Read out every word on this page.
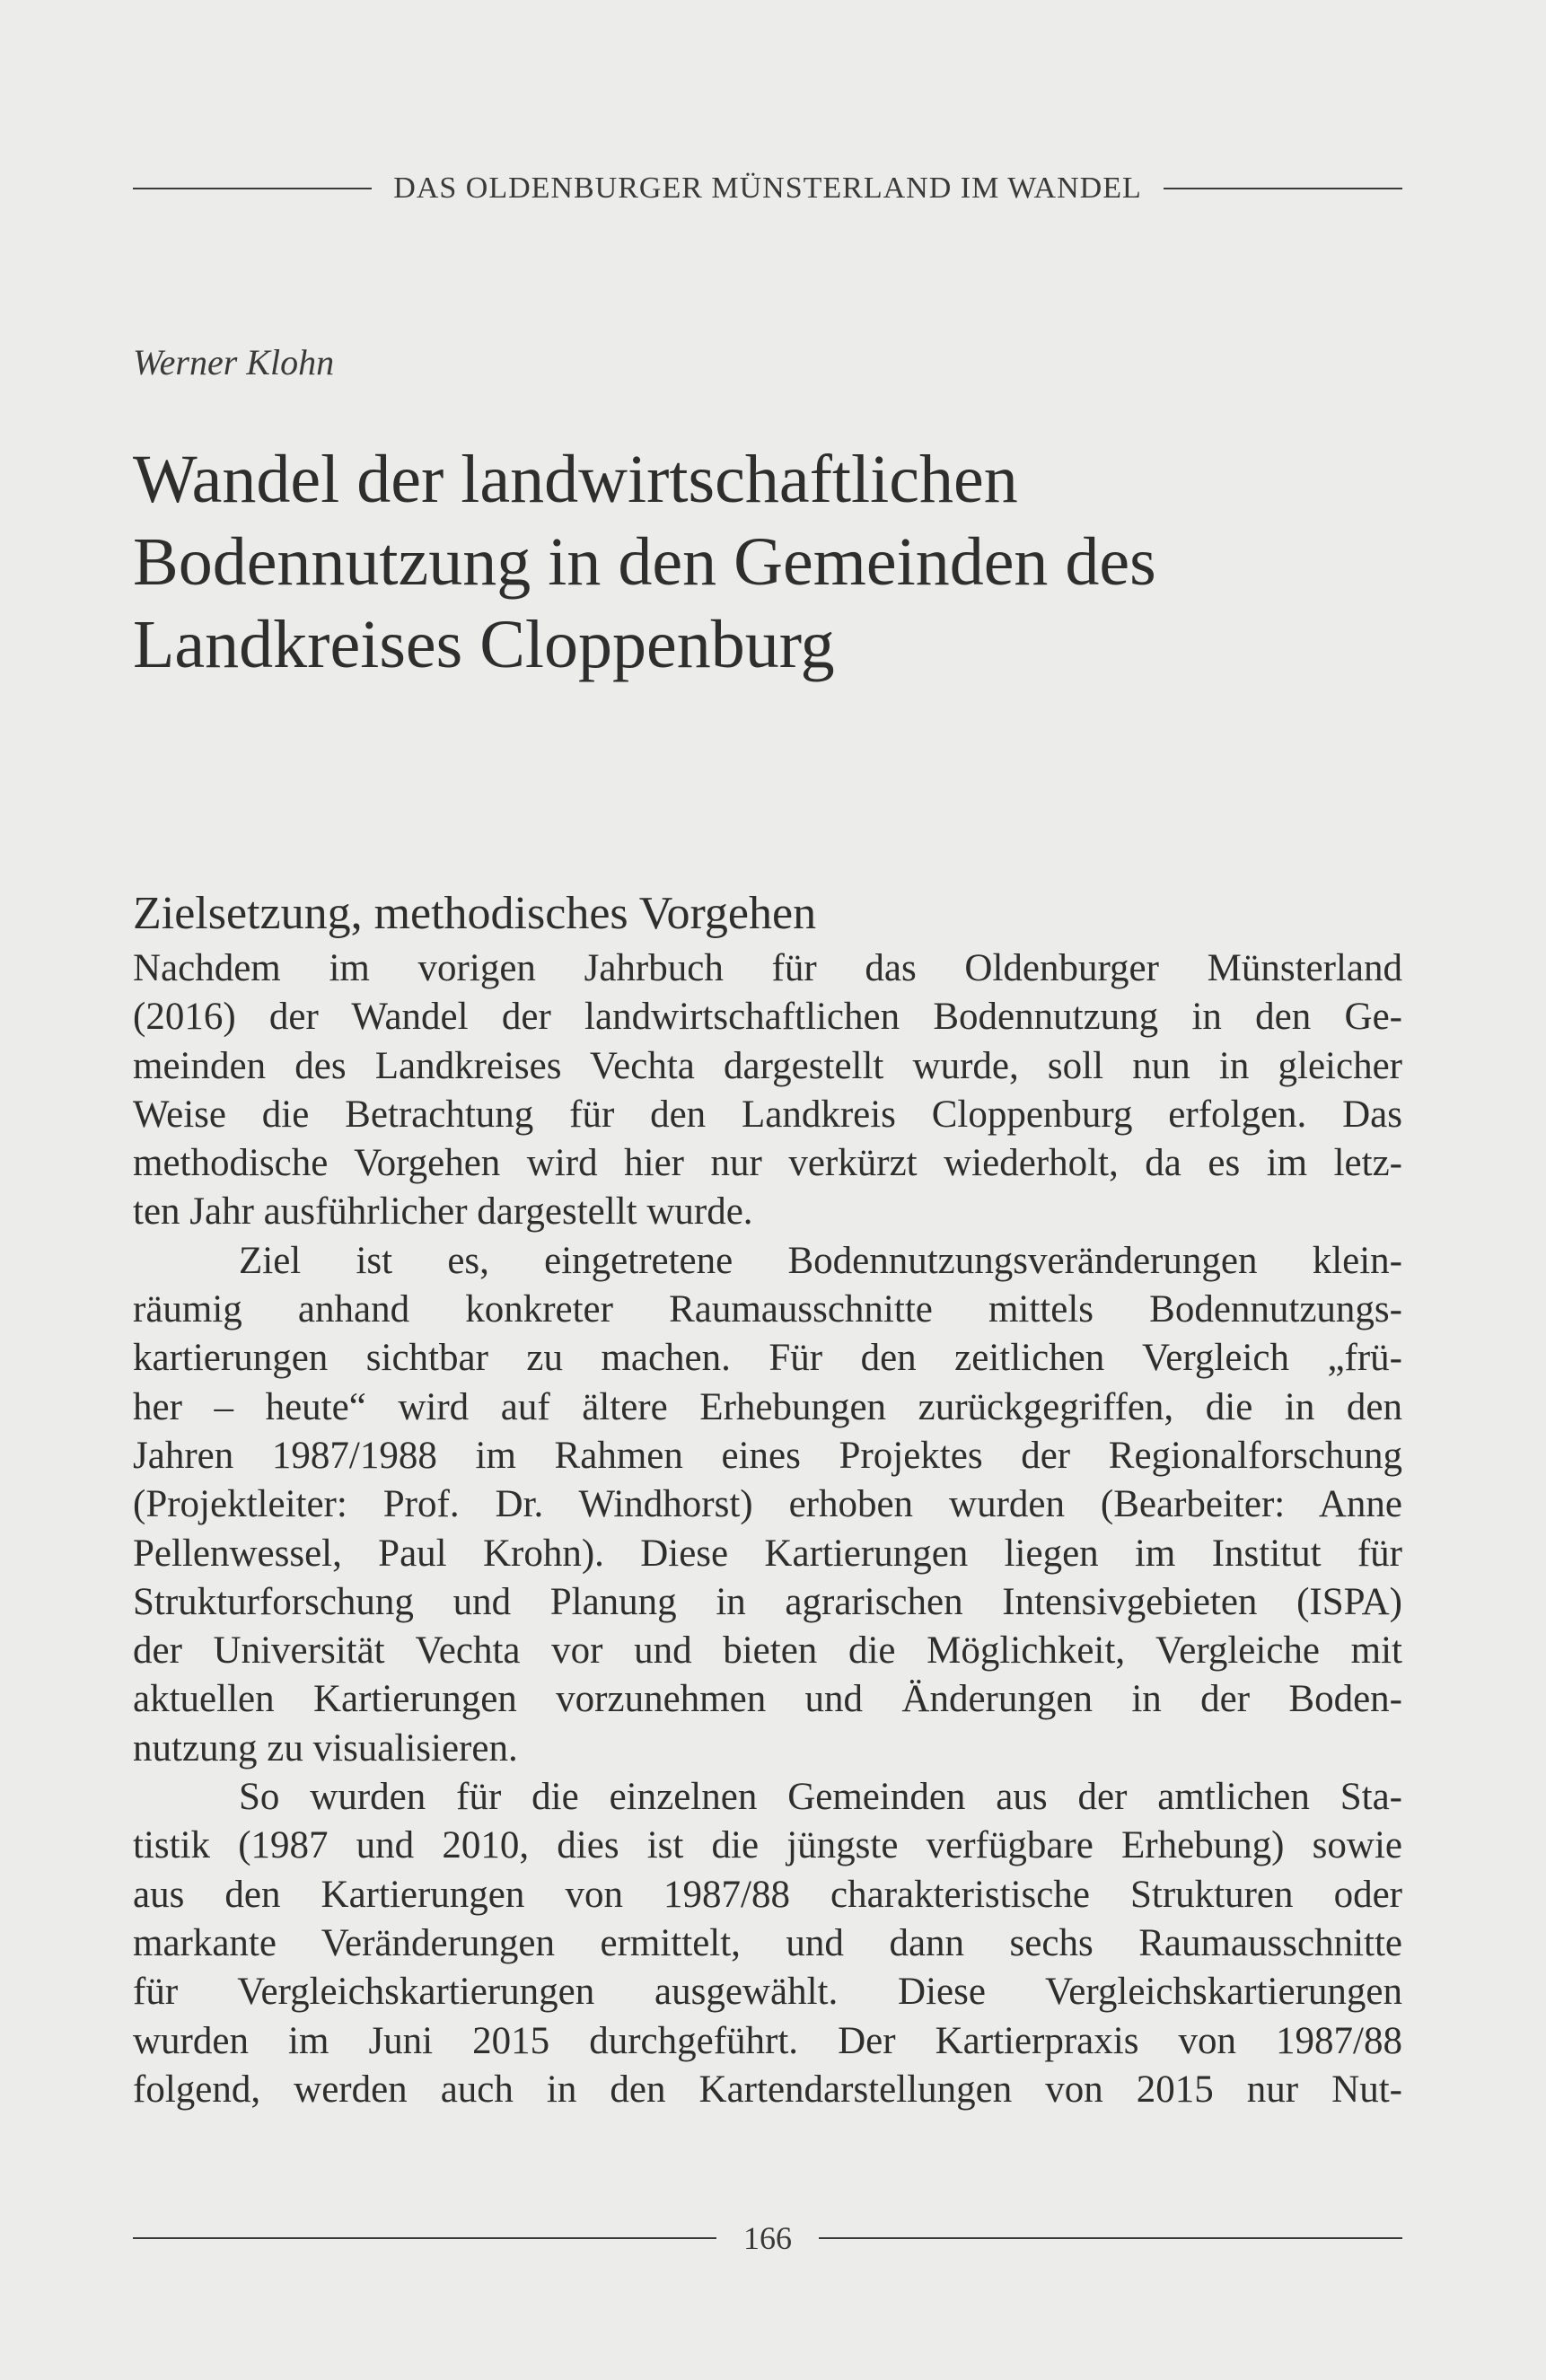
DAS OLDENBURGER MÜNSTERLAND IM WANDEL
Werner Klohn
Wandel der landwirtschaftlichen
Bodennutzung in den Gemeinden des
Landkreises Cloppenburg
Zielsetzung, methodisches Vorgehen
Nachdem im vorigen Jahrbuch für das Oldenburger Münsterland
(2016) der Wandel der landwirtschaftlichen Bodennutzung in den Ge-
meinden des Landkreises Vechta dargestellt wurde, soll nun in gleicher
Weise die Betrachtung für den Landkreis Cloppenburg erfolgen. Das
methodische Vorgehen wird hier nur verkürzt wiederholt, da es im letz-
ten Jahr ausführlicher dargestellt wurde.
Ziel ist es, eingetretene Bodennutzungsveränderungen klein-
räumig anhand konkreter Raumausschnitte mittels Bodennutzungs-
kartierungen sichtbar zu machen. Für den zeitlichen Vergleich „frü-
her – heute“ wird auf ältere Erhebungen zurückgegriffen, die in den
Jahren 1987/1988 im Rahmen eines Projektes der Regionalforschung
(Projektleiter: Prof. Dr. Windhorst) erhoben wurden (Bearbeiter: Anne
Pellenwessel, Paul Krohn). Diese Kartierungen liegen im Institut für
Strukturforschung und Planung in agrarischen Intensivgebieten (ISPA)
der Universität Vechta vor und bieten die Möglichkeit, Vergleiche mit
aktuellen Kartierungen vorzunehmen und Änderungen in der Boden-
nutzung zu visualisieren.
So wurden für die einzelnen Gemeinden aus der amtlichen Sta-
tistik (1987 und 2010, dies ist die jüngste verfügbare Erhebung) sowie
aus den Kartierungen von 1987/88 charakteristische Strukturen oder
markante Veränderungen ermittelt, und dann sechs Raumausschnitte
für Vergleichskartierungen ausgewählt. Diese Vergleichskartierungen
wurden im Juni 2015 durchgeführt. Der Kartierpraxis von 1987/88
folgend, werden auch in den Kartendarstellungen von 2015 nur Nut-
166
